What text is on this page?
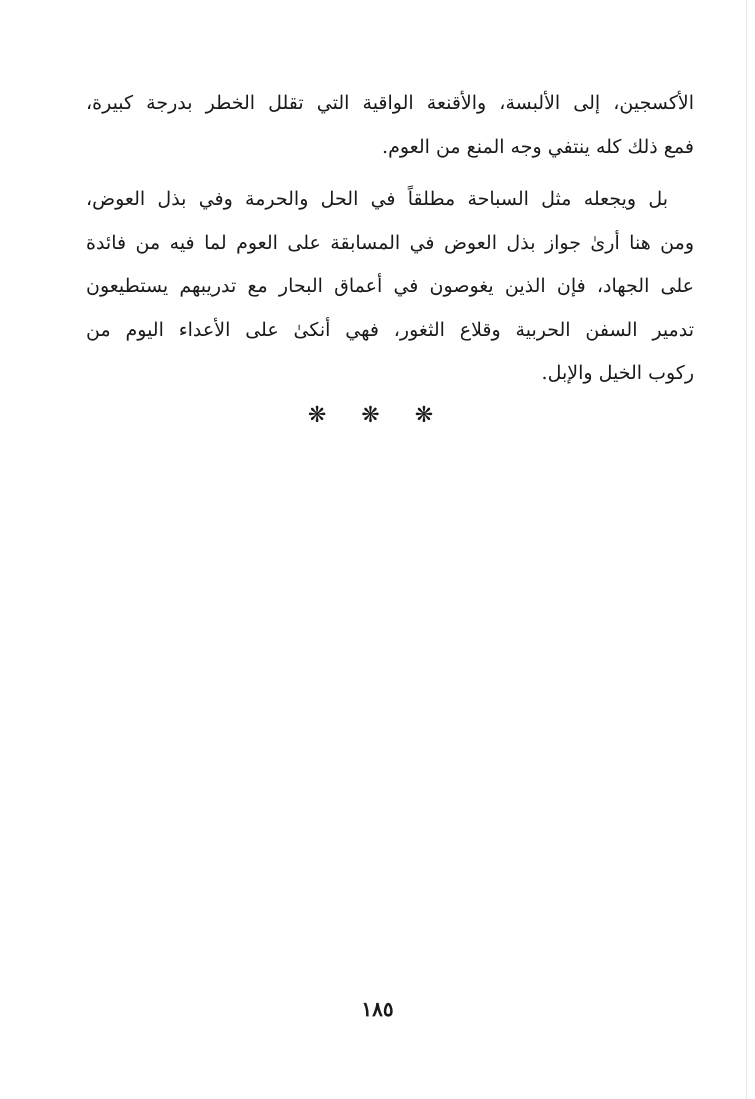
الأكسجين، إلى الألبسة، والأقنعة الواقية التي تقلل الخطر بدرجة كبيرة،
فمع ذلك كله ينتفي وجه المنع من العوم.
بل ويجعله مثل السباحة مطلقاً في الحل والحرمة وفي بذل العوض،
ومن هنا أرىٰ جواز بذل العوض في المسابقة على العوم لما فيه من فائدة
على الجهاد، فإن الذين يغوصون في أعماق البحار مع تدريبهم يستطيعون
تدمير السفن الحربية وقلاع الثغور، فهي أنكىٰ على الأعداء اليوم من
ركوب الخيل والإبل.
❋ ❋ ❋
١٨٥
